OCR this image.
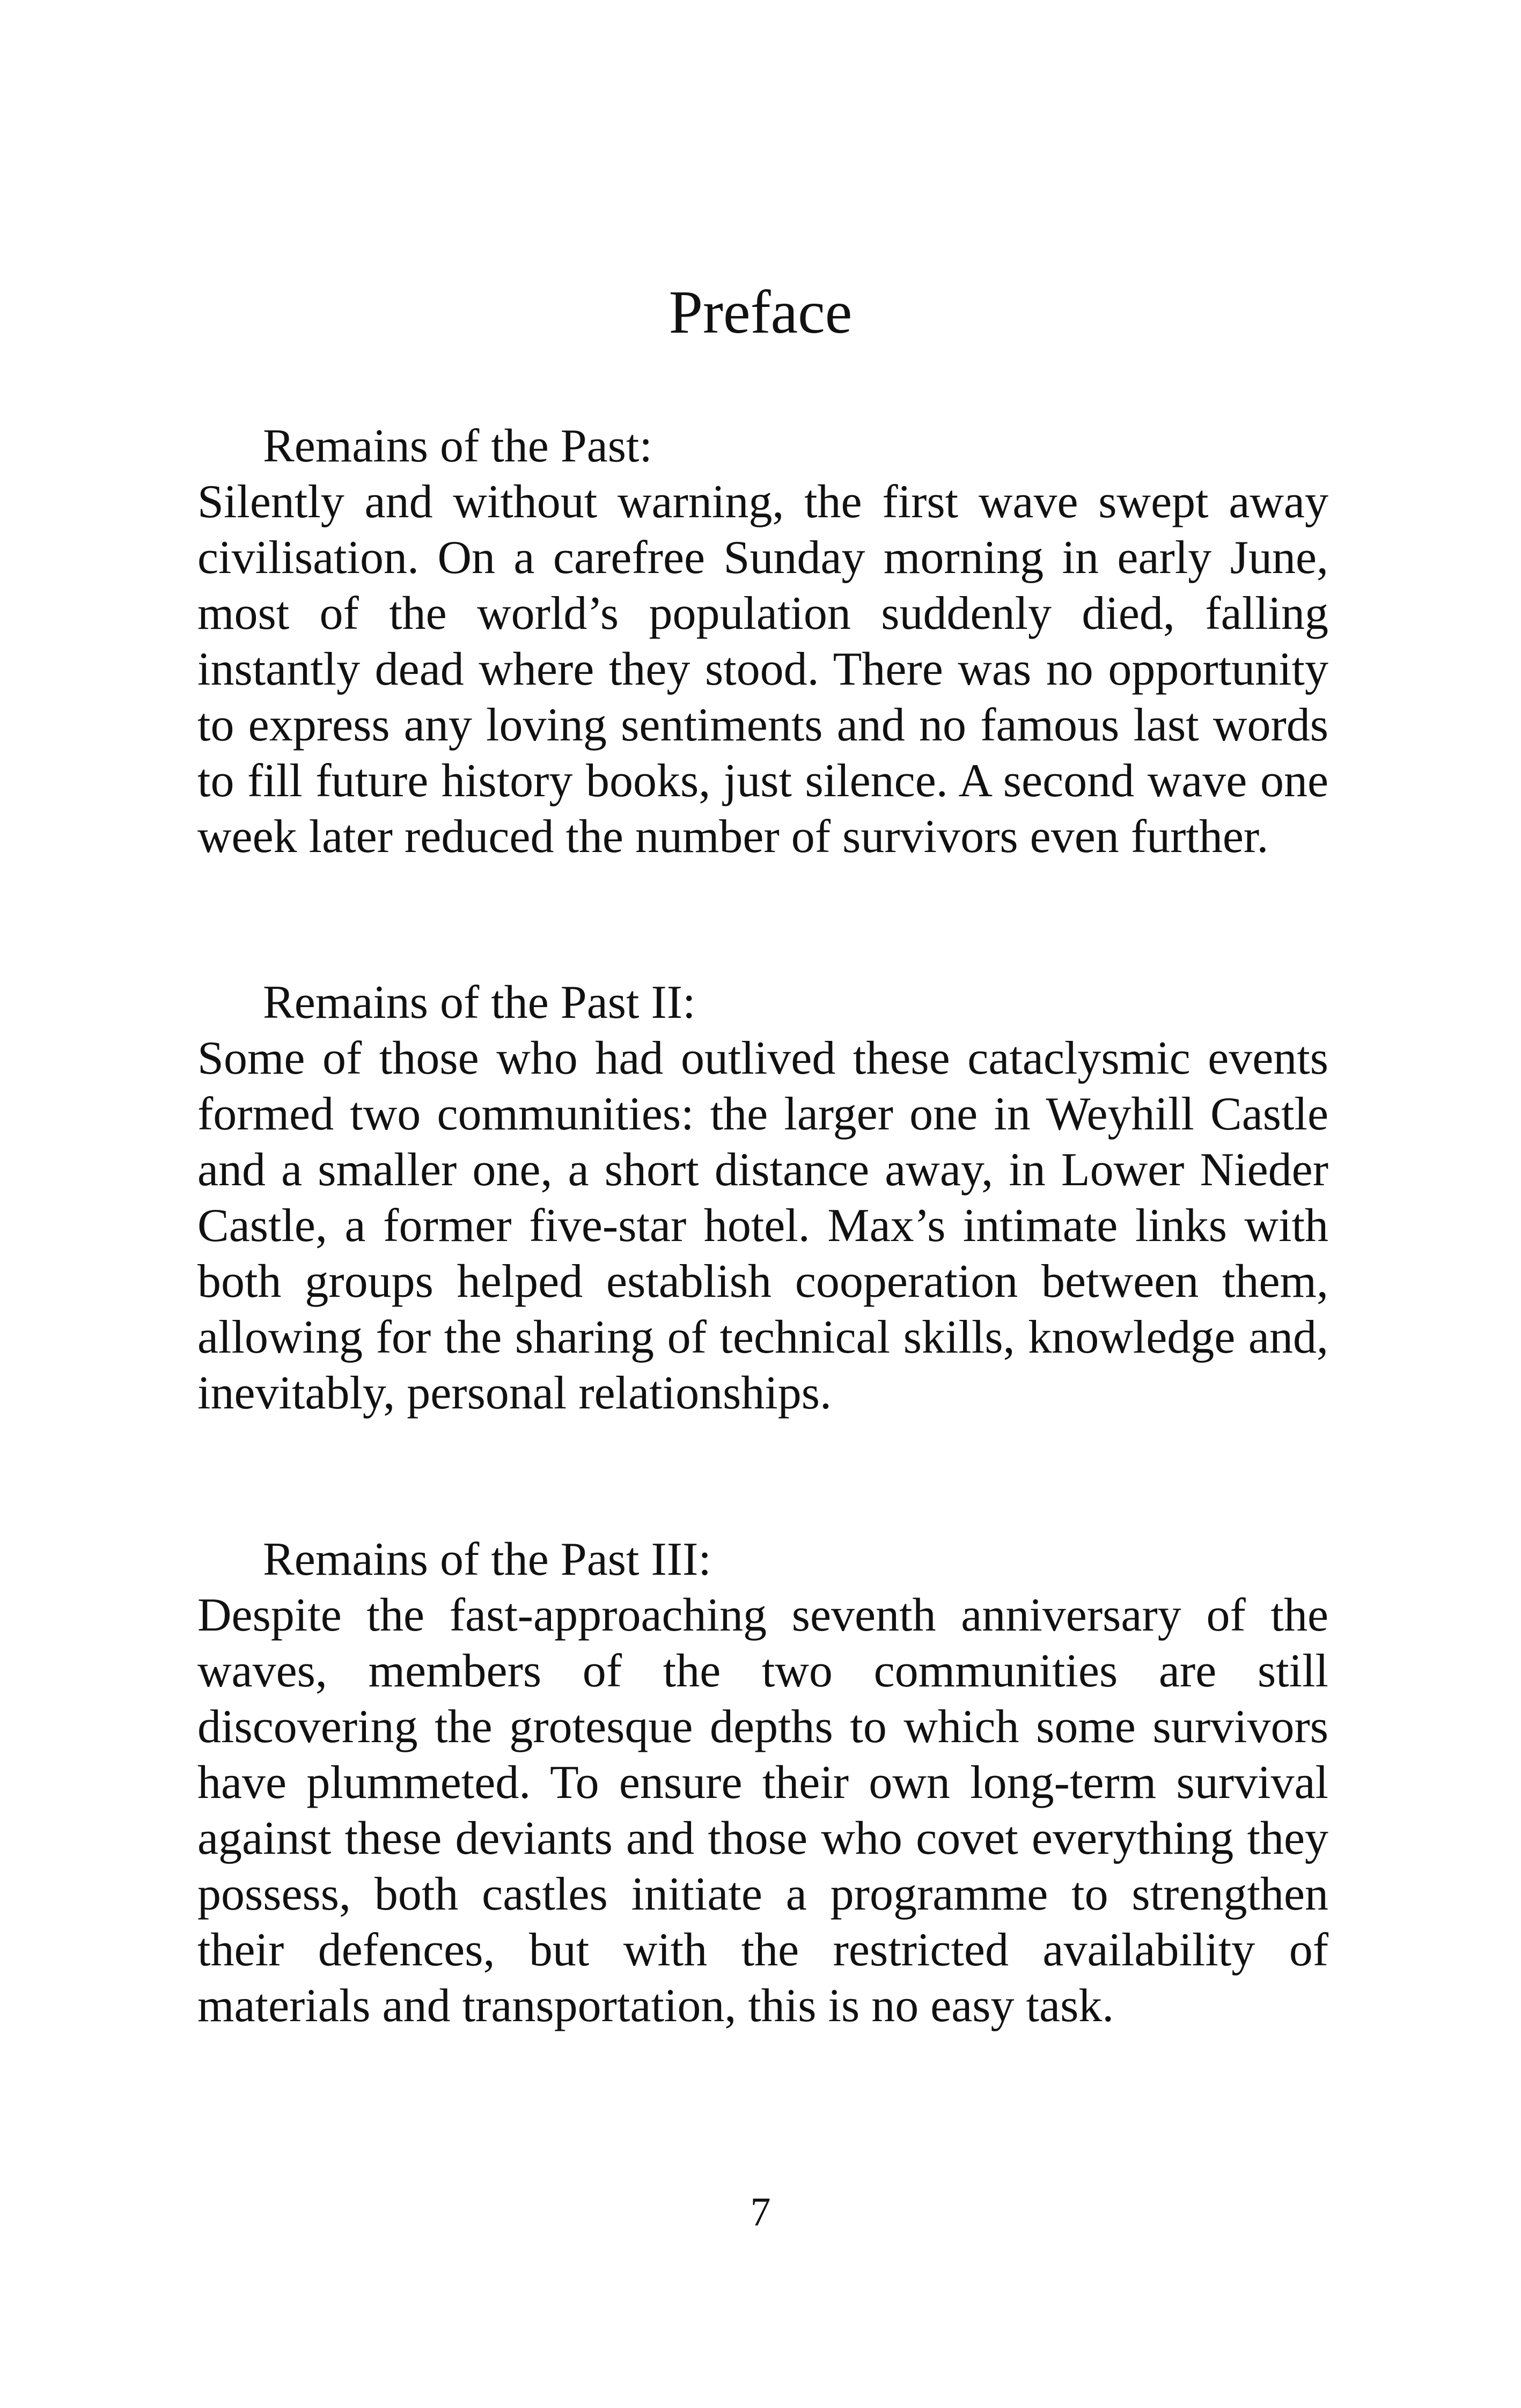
Preface

Remains of the Past:

Silently and without warning, the first wave swept away civilisation. On a carefree Sunday morning in early June, most of the world’s population suddenly died, falling instantly dead where they stood. There was no opportunity to express any loving sentiments and no famous last words to fill future history books, just silence. A second wave one week later reduced the number of survivors even further.

Remains of the Past II:

Some of those who had outlived these cataclysmic events formed two communities: the larger one in Weyhill Castle and a smaller one, a short distance away, in Lower Nieder Castle, a former five-star hotel. Max’s intimate links with both groups helped establish cooperation between them, allowing for the sharing of technical skills, knowledge and, inevitably, personal relationships.

Remains of the Past III:

Despite the fast-approaching seventh anniversary of the waves, members of the two communities are still discovering the grotesque depths to which some survivors have plummeted. To ensure their own long-term survival against these deviants and those who covet everything they possess, both castles initiate a programme to strengthen their defences, but with the restricted availability of materials and transportation, this is no easy task.

7
